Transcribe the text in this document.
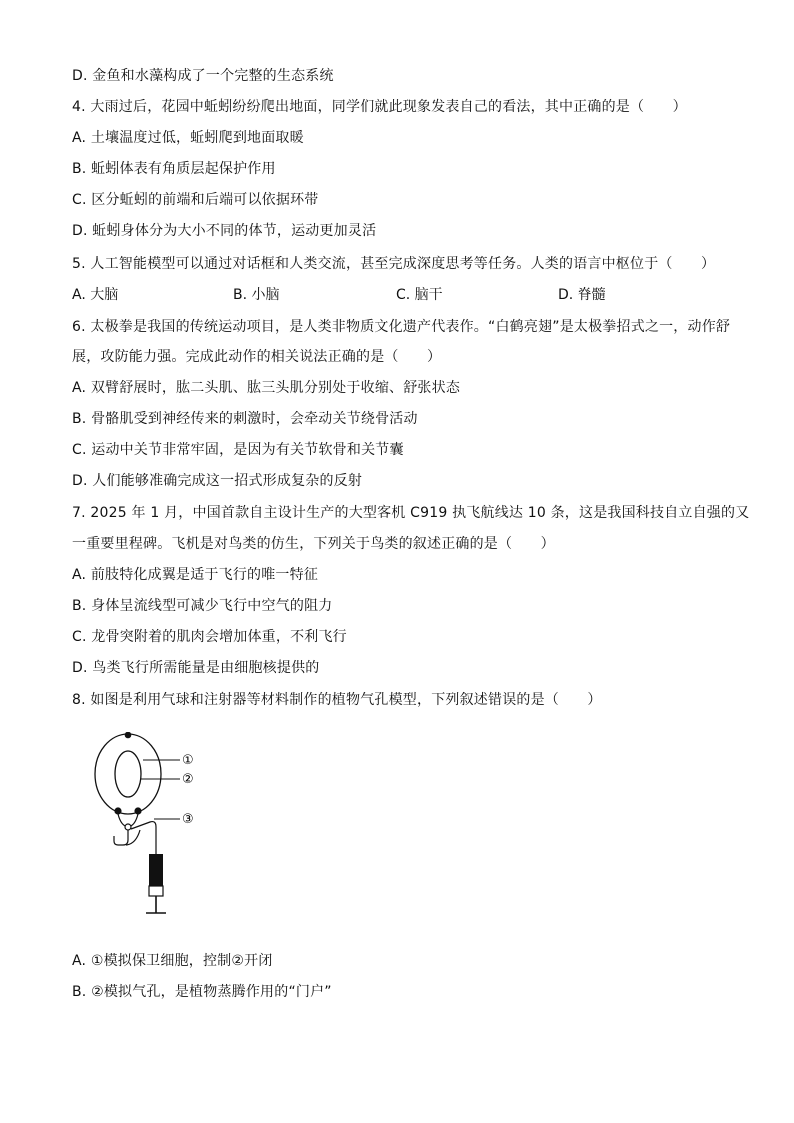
D. 金鱼和水藻构成了一个完整的生态系统
4. 大雨过后，花园中蚯蚓纷纷爬出地面，同学们就此现象发表自己的看法，其中正确的是（　　）
A. 土壤温度过低，蚯蚓爬到地面取暖
B. 蚯蚓体表有角质层起保护作用
C. 区分蚯蚓的前端和后端可以依据环带
D. 蚯蚓身体分为大小不同的体节，运动更加灵活
5. 人工智能模型可以通过对话框和人类交流，甚至完成深度思考等任务。人类的语言中枢位于（　　）
A. 大脑	B. 小脑	C. 脑干	D. 脊髓
6. 太极拳是我国的传统运动项目，是人类非物质文化遗产代表作。“白鹤亮翅”是太极拳招式之一，动作舒
展，攻防能力强。完成此动作的相关说法正确的是（　　）
A. 双臂舒展时，肱二头肌、肱三头肌分别处于收缩、舒张状态
B. 骨骼肌受到神经传来的刺激时，会牵动关节绕骨活动
C. 运动中关节非常牢固，是因为有关节软骨和关节囊
D. 人们能够准确完成这一招式形成复杂的反射
7. 2025 年 1 月，中国首款自主设计生产的大型客机 C919 执飞航线达 10 条，这是我国科技自立自强的又
一重要里程碑。飞机是对鸟类的仿生，下列关于鸟类的叙述正确的是（　　）
A. 前肢特化成翼是适于飞行的唯一特征
B. 身体呈流线型可减少飞行中空气的阻力
C. 龙骨突附着的肌肉会增加体重，不利飞行
D. 鸟类飞行所需能量是由细胞核提供的
8. 如图是利用气球和注射器等材料制作的植物气孔模型，下列叙述错误的是（　　）
①
②
③
A. ①模拟保卫细胞，控制②开闭
B. ②模拟气孔，是植物蒸腾作用的“门户”
